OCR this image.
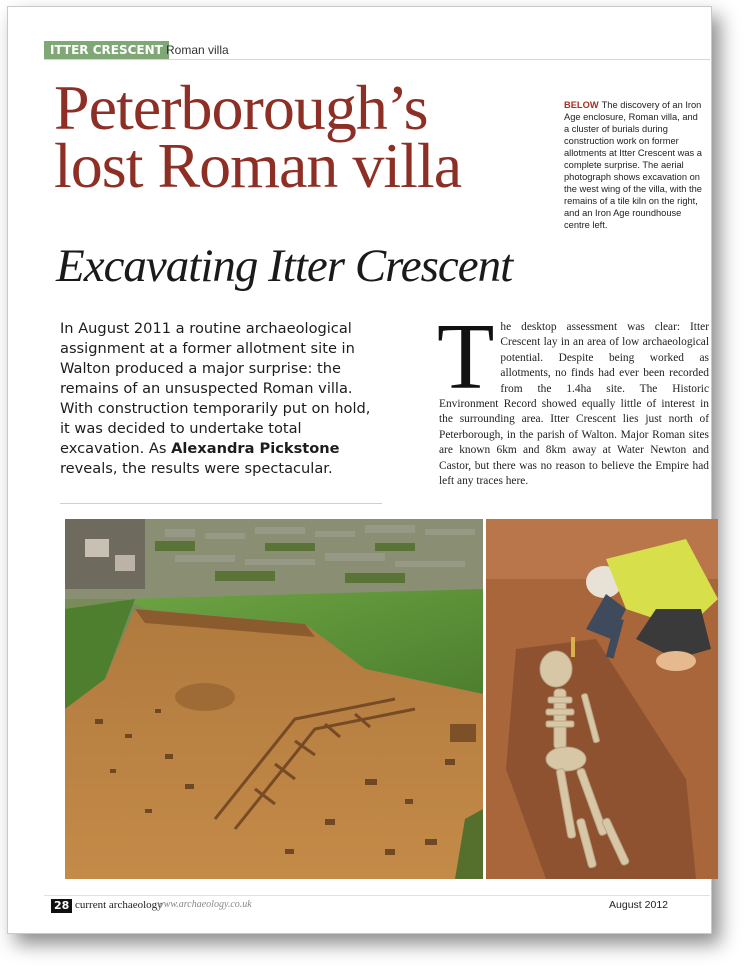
ITTER CRESCENT Roman villa
Peterborough’s
lost Roman villa
Excavating Itter Crescent
BELOW The discovery of an Iron Age enclosure, Roman villa, and a cluster of burials during construction work on former allotments at Itter Crescent was a complete surprise. The aerial photograph shows excavation on the west wing of the villa, with the remains of a tile kiln on the right, and an Iron Age roundhouse centre left.
In August 2011 a routine archaeological assignment at a former allotment site in Walton produced a major surprise: the remains of an unsuspected Roman villa. With construction temporarily put on hold, it was decided to undertake total excavation. As Alexandra Pickstone reveals, the results were spectacular.
The desktop assessment was clear: Itter Crescent lay in an area of low archaeological potential. Despite being worked as allotments, no finds had ever been recorded from the 1.4ha site. The Historic Environment Record showed equally little of interest in the surrounding area. Itter Crescent lies just north of Peterborough, in the parish of Walton. Major Roman sites are known 6km and 8km away at Water Newton and Castor, but there was no reason to believe the Empire had left any traces here.
28 current archaeology
www.archaeology.co.uk	August 2012
